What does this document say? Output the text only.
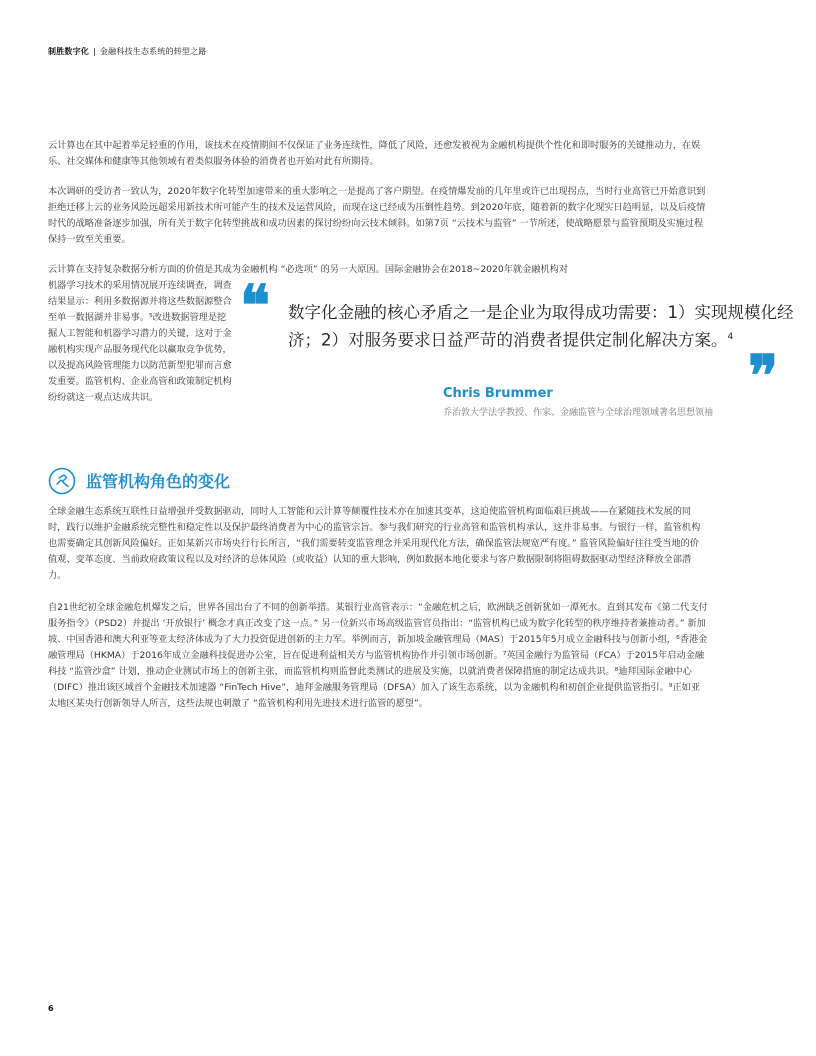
制胜数字化 | 金融科技生态系统的转型之路

云计算也在其中起着举足轻重的作用，该技术在疫情期间不仅保证了业务连续性，降低了风险，还愈发被视为金融机构提供个性化和即时服务的关键推动力，在娱乐、社交媒体和健康等其他领域有着类似服务体验的消费者也开始对此有所期待。

本次调研的受访者一致认为，2020年数字化转型加速带来的重大影响之一是提高了客户期望。在疫情爆发前的几年里或许已出现拐点，当时行业高管已开始意识到拒绝迁移上云的业务风险远超采用新技术所可能产生的技术及运营风险，而现在这已经成为压倒性趋势。到2020年底，随着新的数字化现实日趋明显，以及后疫情时代的战略准备逐步加强，所有关于数字化转型挑战和成功因素的探讨纷纷向云技术倾斜。如第7页 “云技术与监管” 一节所述，使战略愿景与监管预期及实施过程保持一致至关重要。

云计算在支持复杂数据分析方面的价值是其成为金融机构 “必选项” 的另一大原因。国际金融协会在2018~2020年就金融机构对

机器学习技术的采用情况展开连续调查，调查结果显示：利用多数据源并将这些数据源整合至单一数据湖并非易事。⁵改进数据管理是挖掘人工智能和机器学习潜力的关键，这对于金融机构实现产品服务现代化以赢取竞争优势，以及提高风险管理能力以防范新型犯罪而言愈发重要。监管机构、企业高管和政策制定机构纷纷就这一观点达成共识。

❝ 数字化金融的核心矛盾之一是企业为取得成功需要：1）实现规模化经济；2）对服务要求日益严苛的消费者提供定制化解决方案。$^4$

❞
Chris Brummer
乔治敦大学法学教授、作家、金融监管与全球治理领域著名思想领袖
监管机构角色的变化

全球金融生态系统互联性日益增强并受数据驱动，同时人工智能和云计算等颠覆性技术亦在加速其变革，这迫使监管机构面临艰巨挑战——在紧随技术发展的同时，践行以维护金融系统完整性和稳定性以及保护最终消费者为中心的监管宗旨。参与我们研究的行业高管和监管机构承认，这并非易事。与银行一样，监管机构也需要确定其创新风险偏好。正如某新兴市场央行行长所言，“我们需要转变监管理念并采用现代化方法，确保监管法规宽严有度。” 监管风险偏好往往受当地的价值观、变革态度、当前政府政策议程以及对经济的总体风险（或收益）认知的重大影响，例如数据本地化要求与客户数据限制将阻碍数据驱动型经济释放全部潜力。

自21世纪初全球金融危机爆发之后，世界各国出台了不同的创新举措。某银行业高管表示：“金融危机之后，欧洲缺乏创新犹如一潭死水。直到其发布《第二代支付服务指令》（PSD2）并提出 ‘开放银行’ 概念才真正改变了这一点。” 另一位新兴市场高级监管官员指出：“监管机构已成为数字化转型的秩序维持者兼推动者。” 新加坡、中国香港和澳大利亚等亚太经济体成为了大力投资促进创新的主力军。举例而言，新加坡金融管理局（MAS）于2015年5月成立金融科技与创新小组，⁶香港金融管理局（HKMA）于2016年成立金融科技促进办公室，旨在促进利益相关方与监管机构协作并引领市场创新。⁷英国金融行为监管局（FCA）于2015年启动金融科技 “监管沙盒” 计划，推动企业测试市场上的创新主张，而监管机构则监督此类测试的进展及实施，以就消费者保障措施的制定达成共识。⁸迪拜国际金融中心（DIFC）推出该区域首个金融技术加速器 “FinTech Hive”，迪拜金融服务管理局（DFSA）加入了该生态系统，以为金融机构和初创企业提供监管指引。⁹正如亚太地区某央行创新领导人所言，这些法规也刺激了 “监管机构利用先进技术进行监管的愿望”。

6
